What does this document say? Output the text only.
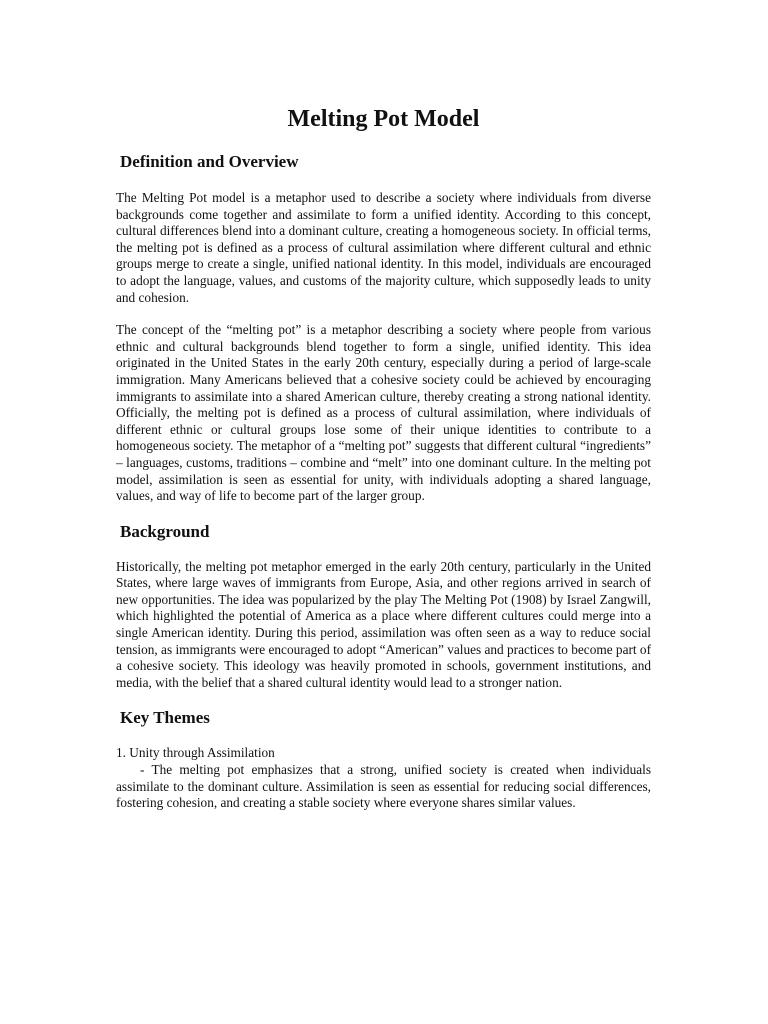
Melting Pot Model
Definition and Overview

The Melting Pot model is a metaphor used to describe a society where individuals from diverse backgrounds come together and assimilate to form a unified identity. According to this concept, cultural differences blend into a dominant culture, creating a homogeneous society. In official terms, the melting pot is defined as a process of cultural assimilation where different cultural and ethnic groups merge to create a single, unified national identity. In this model, individuals are encouraged to adopt the language, values, and customs of the majority culture, which supposedly leads to unity and cohesion.

The concept of the “melting pot” is a metaphor describing a society where people from various ethnic and cultural backgrounds blend together to form a single, unified identity. This idea originated in the United States in the early 20th century, especially during a period of large-scale immigration. Many Americans believed that a cohesive society could be achieved by encouraging immigrants to assimilate into a shared American culture, thereby creating a strong national identity. Officially, the melting pot is defined as a process of cultural assimilation, where individuals of different ethnic or cultural groups lose some of their unique identities to contribute to a homogeneous society. The metaphor of a “melting pot” suggests that different cultural “ingredients” – languages, customs, traditions – combine and “melt” into one dominant culture. In the melting pot model, assimilation is seen as essential for unity, with individuals adopting a shared language, values, and way of life to become part of the larger group.

Background

Historically, the melting pot metaphor emerged in the early 20th century, particularly in the United States, where large waves of immigrants from Europe, Asia, and other regions arrived in search of new opportunities. The idea was popularized by the play The Melting Pot (1908) by Israel Zangwill, which highlighted the potential of America as a place where different cultures could merge into a single American identity. During this period, assimilation was often seen as a way to reduce social tension, as immigrants were encouraged to adopt “American” values and practices to become part of a cohesive society. This ideology was heavily promoted in schools, government institutions, and media, with the belief that a shared cultural identity would lead to a stronger nation.

Key Themes

1. Unity through Assimilation

- The melting pot emphasizes that a strong, unified society is created when individuals assimilate to the dominant culture. Assimilation is seen as essential for reducing social differences, fostering cohesion, and creating a stable society where everyone shares similar values.
